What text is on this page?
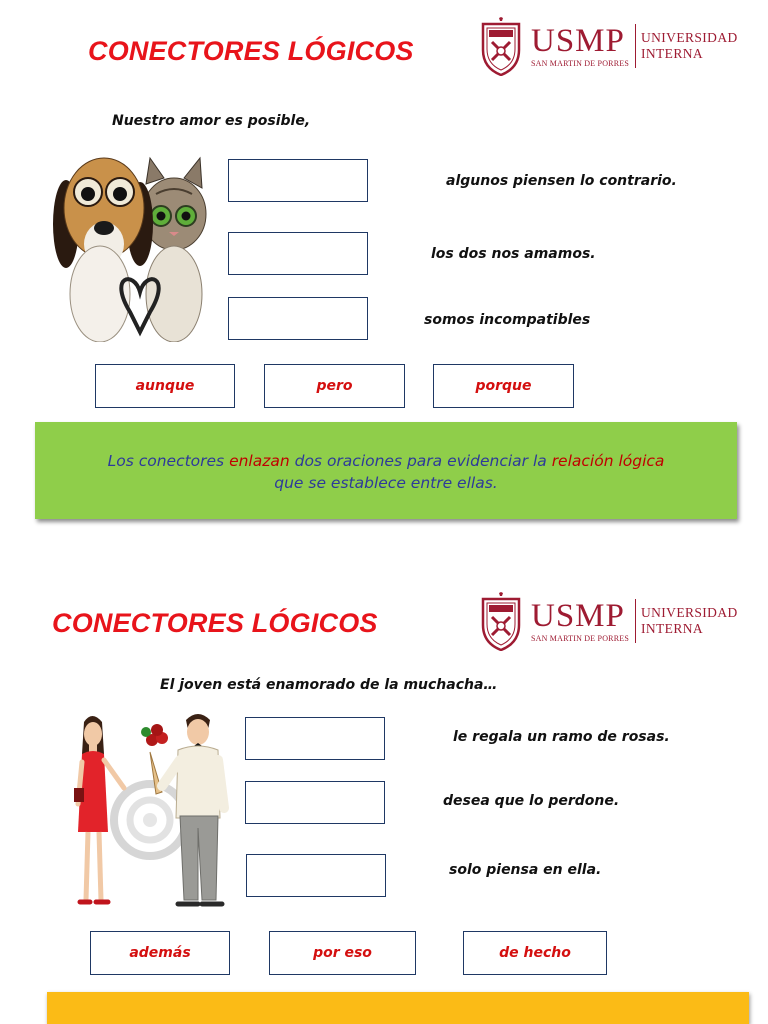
CONECTORES LÓGICOS	USMP
SAN MARTIN DE PORRES
UNIVERSIDAD
INTERNA
Nuestro amor es posible,
algunos piensen lo contrario.
los dos nos amamos.
somos incompatibles
aunque	pero	porque
Los conectores enlazan dos oraciones para evidenciar la relación lógica
que se establece entre ellas.
CONECTORES LÓGICOS	USMP
SAN MARTIN DE PORRES
UNIVERSIDAD
INTERNA
El joven está enamorado de la muchacha…
le regala un ramo de rosas.
desea que lo perdone.
solo piensa en ella.
además	por eso	de hecho
